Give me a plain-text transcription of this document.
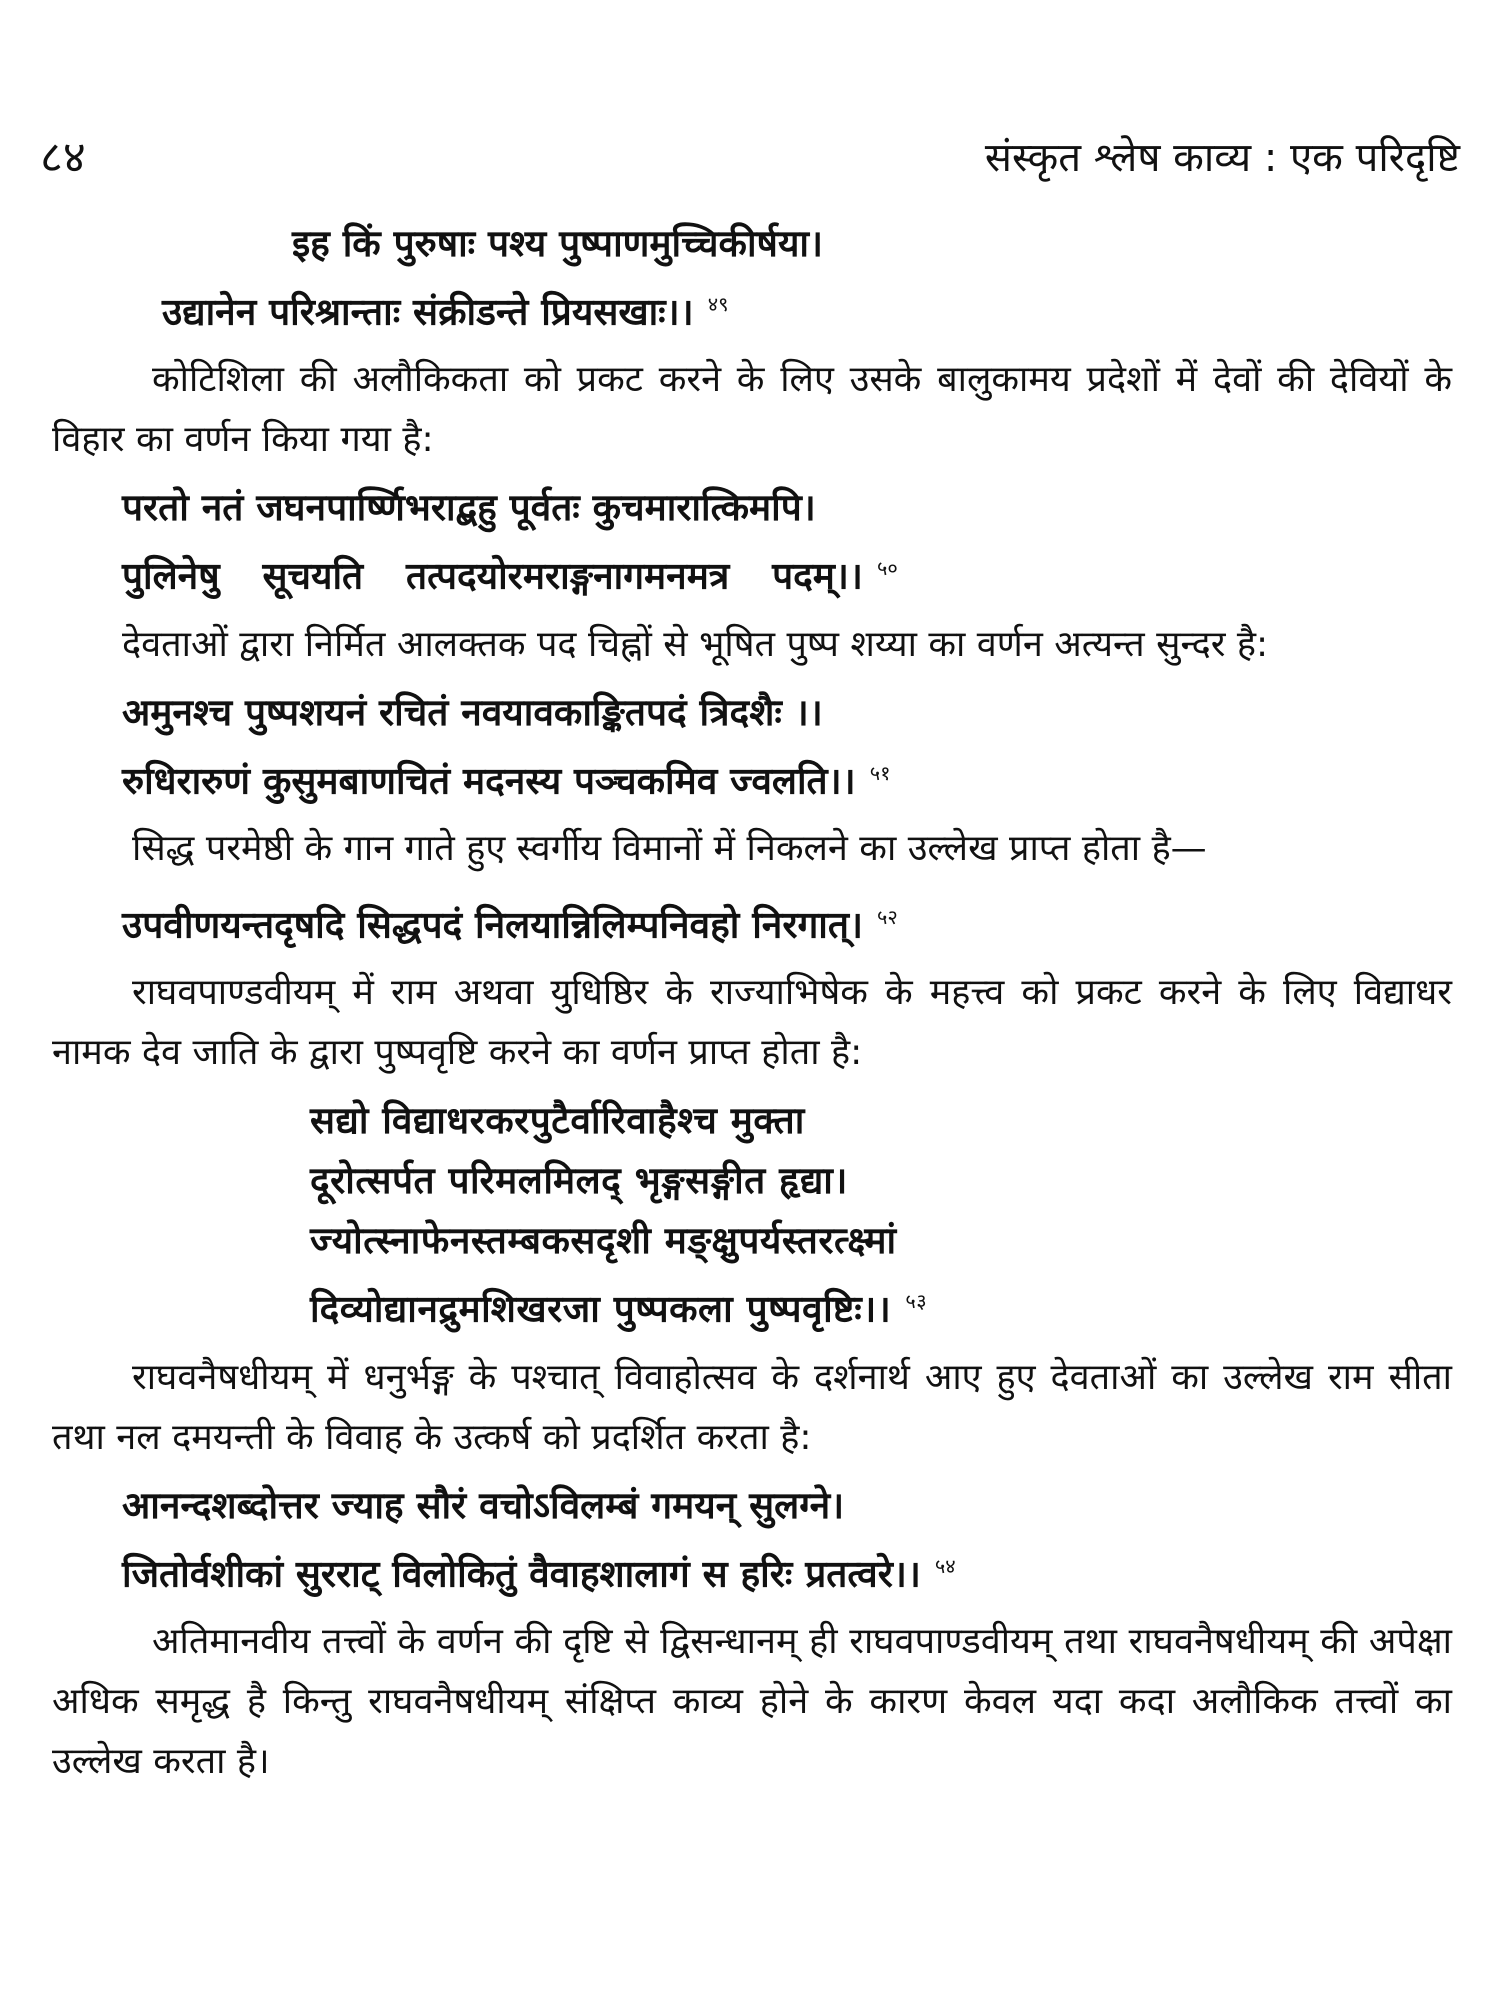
८४	संस्कृत श्लेष काव्य : एक परिदृष्टि
इह किं पुरुषाः पश्य पुष्पाणमुच्चिकीर्षया।
उद्यानेन परिश्रान्ताः संक्रीडन्ते प्रियसखाः।। $^{४९}$

कोटिशिला की अलौकिकता को प्रकट करने के लिए उसके बालुकामय प्रदेशों में देवों की देवियों के विहार का वर्णन किया गया है:

परतो नतं जघनपार्ष्णिभराद्बहु पूर्वतः कुचमारात्किमपि।
पुलिनेषु सूचयति तत्पदयोरमराङ्गनागमनमत्र पदम्।। $^{५०}$

देवताओं द्वारा निर्मित आलक्तक पद चिह्नों से भूषित पुष्प शय्या का वर्णन अत्यन्त सुन्दर है:

अमुनश्च पुष्पशयनं रचितं नवयावकाङ्कितपदं त्रिदशैः ।।
रुधिरारुणं कुसुमबाणचितं मदनस्य पञ्चकमिव ज्वलति।। $^{५१}$

सिद्ध परमेष्ठी के गान गाते हुए स्वर्गीय विमानों में निकलने का उल्लेख प्राप्त होता है—

उपवीणयन्तदृषदि सिद्धपदं निलयान्निलिम्पनिवहो निरगात्। $^{५२}$

राघवपाण्डवीयम् में राम अथवा युधिष्ठिर के राज्याभिषेक के महत्त्व को प्रकट करने के लिए विद्याधर नामक देव जाति के द्वारा पुष्पवृष्टि करने का वर्णन प्राप्त होता है:

सद्यो विद्याधरकरपुटैर्वारिवाहैश्च मुक्ता
दूरोत्सर्पत परिमलमिलद् भृङ्गसङ्गीत हृद्या।
ज्योत्स्नाफेनस्तम्बकसदृशी मङ्क्षुपर्यस्तरत्क्ष्मां
दिव्योद्यानद्रुमशिखरजा पुष्पकला पुष्पवृष्टिः।। $^{५३}$

राघवनैषधीयम् में धनुर्भङ्ग के पश्चात् विवाहोत्सव के दर्शनार्थ आए हुए देवताओं का उल्लेख राम सीता तथा नल दमयन्ती के विवाह के उत्कर्ष को प्रदर्शित करता है:

आनन्दशब्दोत्तर ज्याह सौरं वचोऽविलम्बं गमयन् सुलग्ने।
जितोर्वशीकां सुरराट् विलोकितुं वैवाहशालागं स हरिः प्रतत्वरे।। $^{५४}$

अतिमानवीय तत्त्वों के वर्णन की दृष्टि से द्विसन्धानम् ही राघवपाण्डवीयम् तथा राघवनैषधीयम् की अपेक्षा अधिक समृद्ध है किन्तु राघवनैषधीयम् संक्षिप्त काव्य होने के कारण केवल यदा कदा अलौकिक तत्त्वों का उल्लेख करता है।
